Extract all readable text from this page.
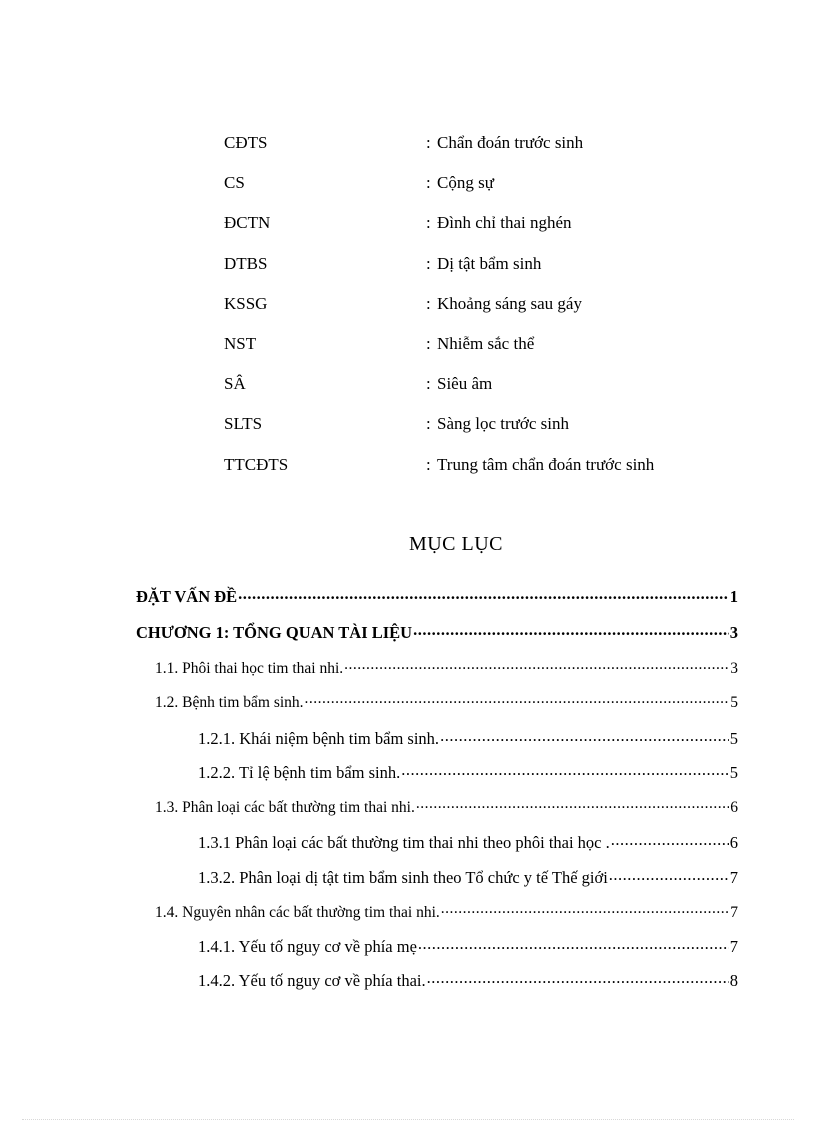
CĐTS	: Chẩn đoán trước sinh
CS	: Cộng sự
ĐCTN	: Đình chỉ thai nghén
DTBS	: Dị tật bẩm sinh
KSSG	: Khoảng sáng sau gáy
NST	: Nhiễm sắc thể
SÂ	: Siêu âm
SLTS	: Sàng lọc trước sinh
TTCĐTS	: Trung tâm chẩn đoán trước sinh
MỤC LỤC
ĐẶT VẤN ĐỀ .....	1
CHƯƠNG 1: TỔNG QUAN TÀI LIỆU .....	3
1.1. Phôi thai học tim thai nhi. .....	3
1.2. Bệnh tim bẩm sinh. .....	5
1.2.1. Khái niệm bệnh tim bẩm sinh. .....	5
1.2.2. Tỉ lệ bệnh tim bẩm sinh. .....	5
1.3. Phân loại các bất thường tim thai nhi. .....	6
1.3.1 Phân loại các bất thường tim thai nhi theo phôi thai học . .....	6
1.3.2. Phân loại dị tật tim bẩm sinh theo Tổ chức y tế Thế giới .....	7
1.4. Nguyên nhân các bất thường tim thai nhi. .....	7
1.4.1. Yếu tố nguy cơ về phía mẹ .....	7
1.4.2. Yếu tố nguy cơ về phía thai. .....	8
